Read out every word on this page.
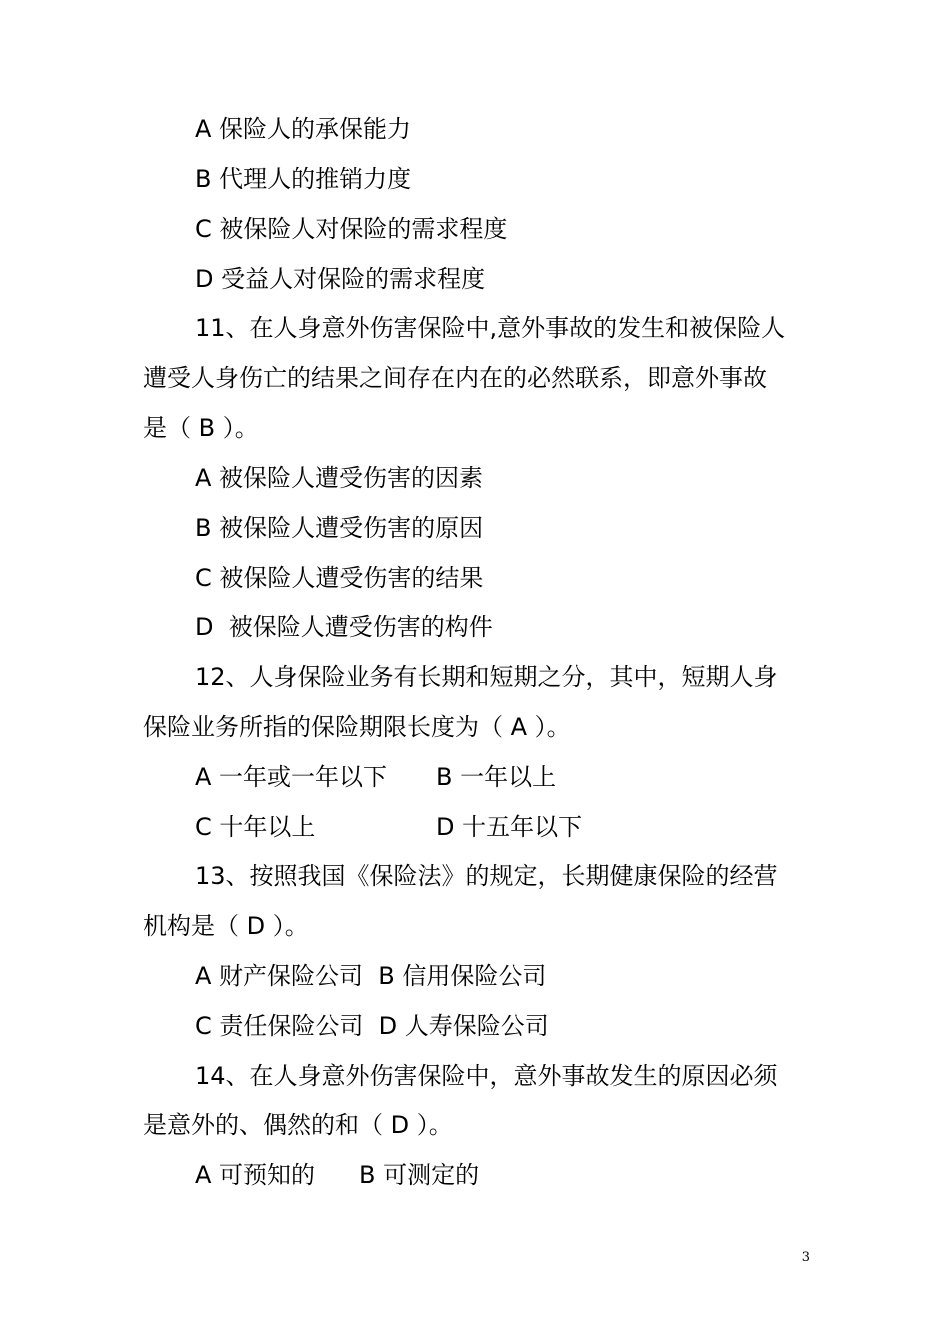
A 保险人的承保能力
B 代理人的推销力度
C 被保险人对保险的需求程度
D 受益人对保险的需求程度
11、在人身意外伤害保险中,意外事故的发生和被保险人
遭受人身伤亡的结果之间存在内在的必然联系，即意外事故
是（ B ）。
A 被保险人遭受伤害的因素
B 被保险人遭受伤害的原因
C 被保险人遭受伤害的结果
D  被保险人遭受伤害的构件
12、人身保险业务有长期和短期之分，其中，短期人身
保险业务所指的保险期限长度为（ A ）。
A 一年或一年以下 B 一年以上
C 十年以上	D 十五年以下
13、按照我国《保险法》的规定，长期健康保险的经营
机构是（ D ）。
A 财产保险公司  B 信用保险公司
C 责任保险公司  D 人寿保险公司
14、在人身意外伤害保险中，意外事故发生的原因必须
是意外的、偶然的和（ D ）。
A 可预知的 B 可测定的
3
